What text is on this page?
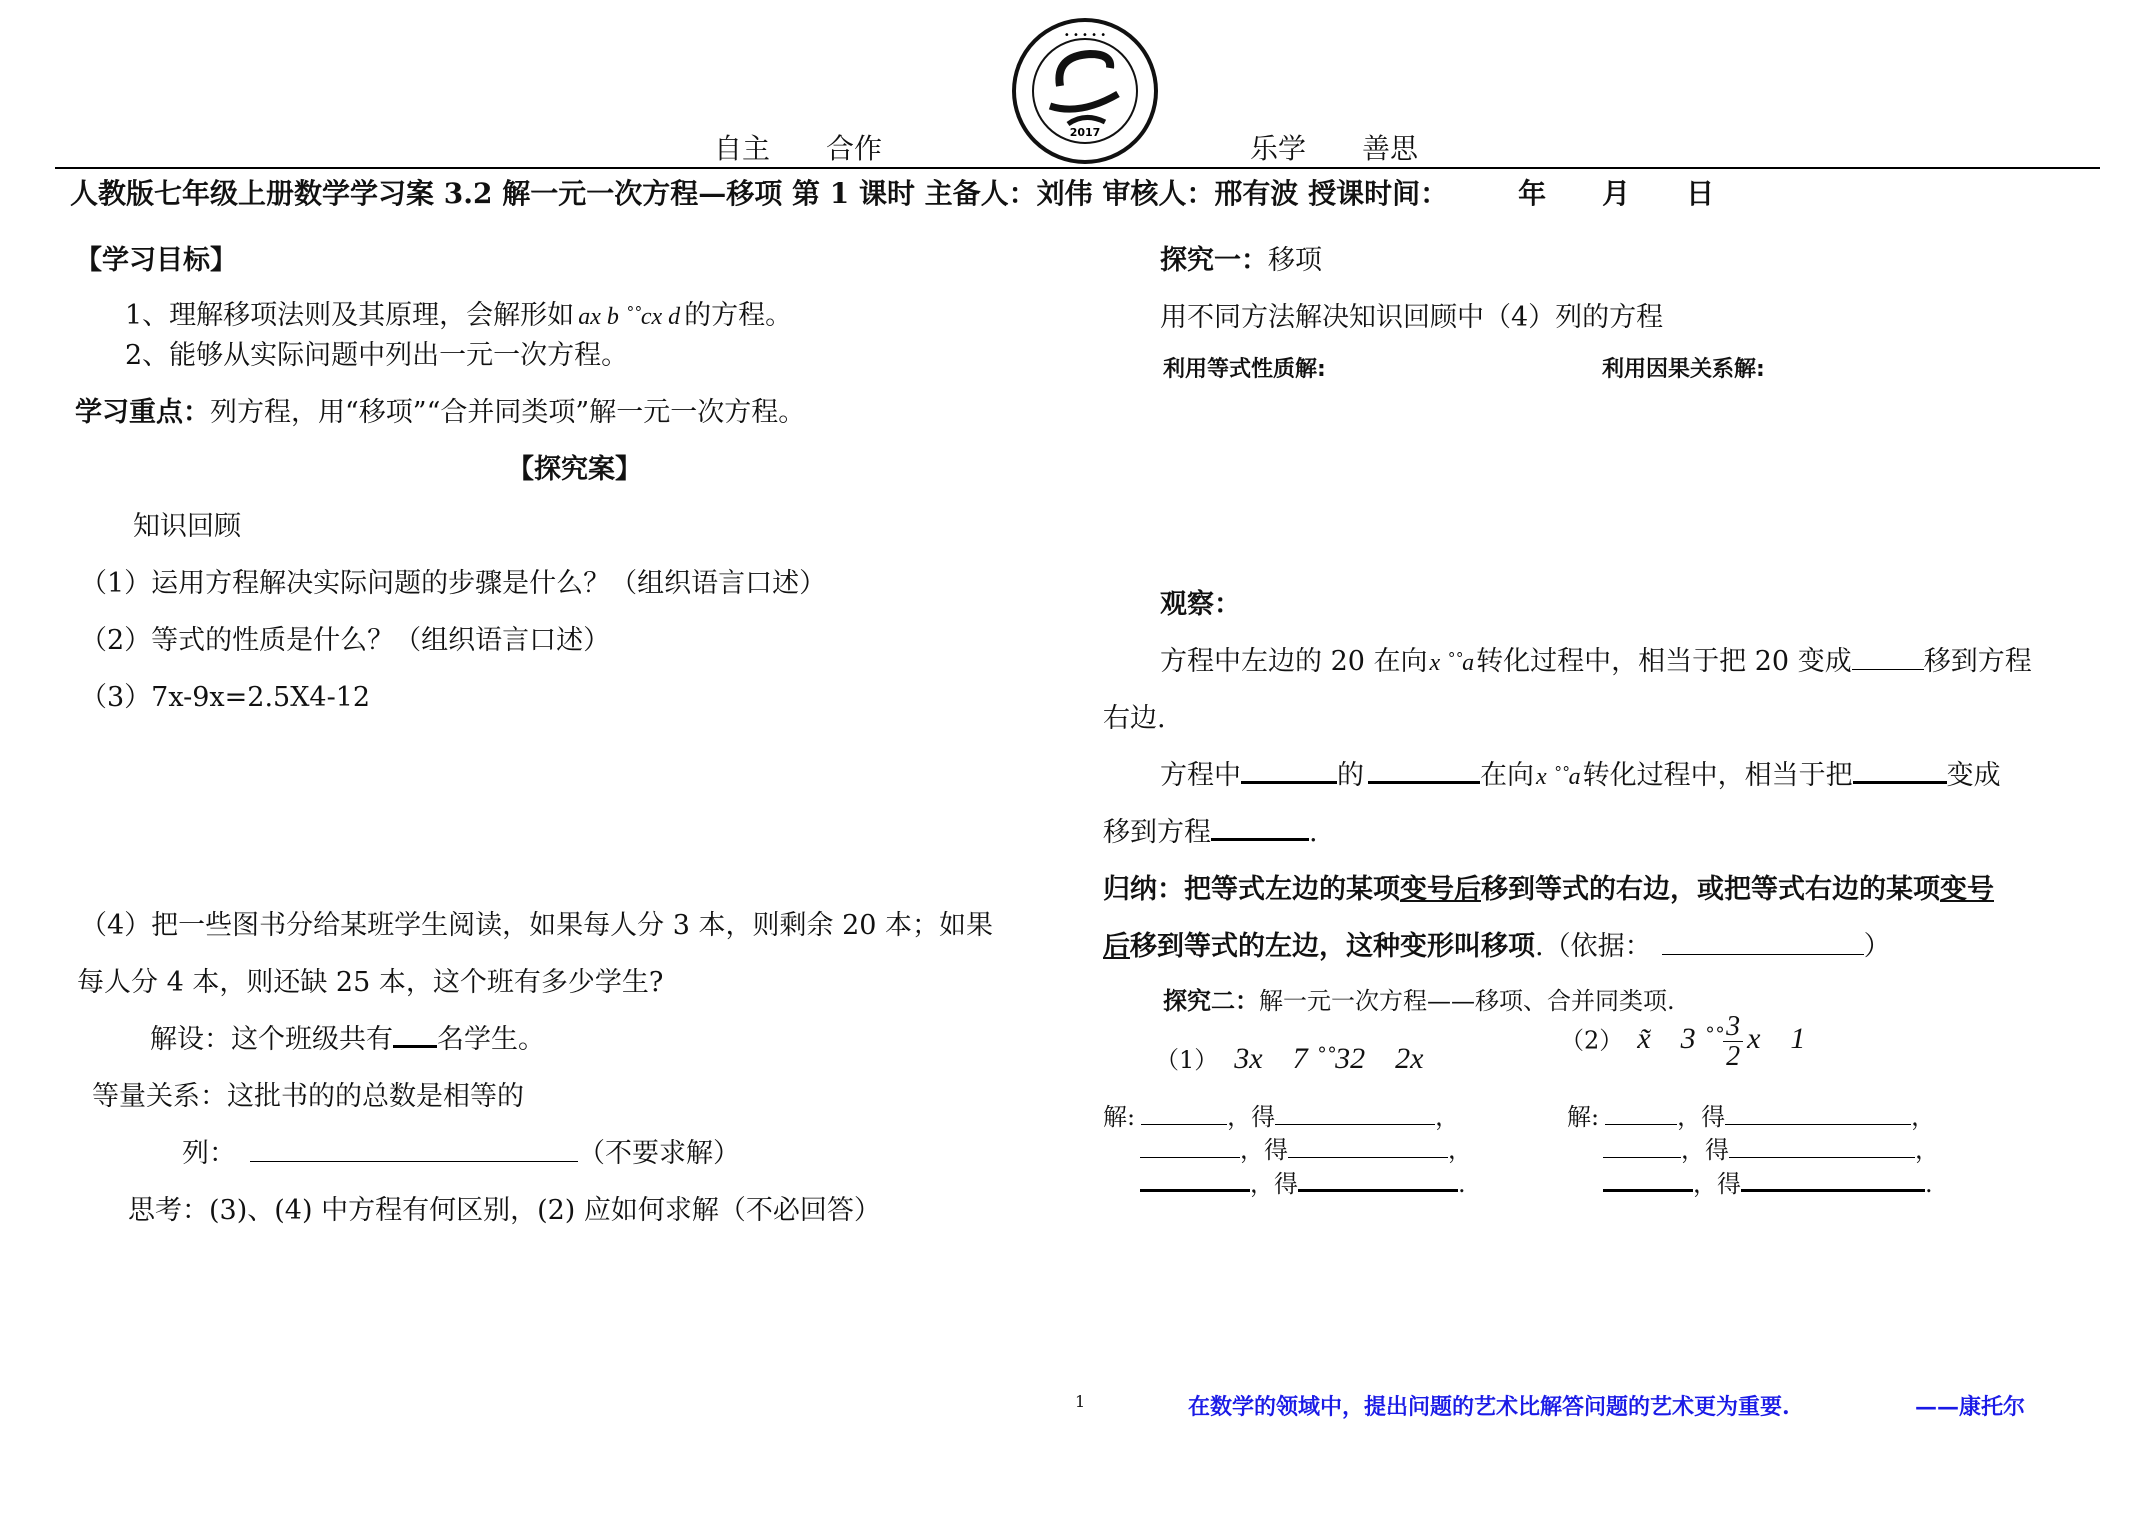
自主　　合作	2017
• • • • •
乐学　　善思
人教版七年级上册数学学习案 3.2 解一元一次方程—移项 第 1 课时 主备人：刘伟 审核人：邢有波 授课时间：　　　年　　月　　日
【学习目标】
1、理解移项法则及其原理，会解形如 ax b ˚˚cx d 的方程。
2、能够从实际问题中列出一元一次方程。
学习重点：列方程，用“移项”“合并同类项”解一元一次方程。
【探究案】
知识回顾
（1）运用方程解决实际问题的步骤是什么？（组织语言口述）
（2）等式的性质是什么？（组织语言口述）
（3）7x-9x=2.5X4-12
（4）把一些图书分给某班学生阅读，如果每人分 3 本，则剩余 20 本；如果
每人分 4 本，则还缺 25 本，这个班有多少学生?
解设：这个班级共有 名学生。
等量关系：这批书的的总数是相等的
列：	（不要求解）
思考：(3)、(4) 中方程有何区别，(2) 应如何求解（不必回答）
探究一：移项
用不同方法解决知识回顾中（4）列的方程
利用等式性质解:	利用因果关系解:
观察：
方程中左边的 20 在向x ˚˚a转化过程中，相当于把 20 变成	移到方程
右边.
方程中	的	在向x ˚˚a转化过程中，相当于把	变成
移到方程	.
归纳：把等式左边的某项变号后移到等式的右边，或把等式右边的某项变号
后移到等式的左边，这种变形叫移项.（依据：	）
探究二：解一元一次方程——移项、合并同类项.
（1） 3x    7 ˚˚32    2x
（2） x̃    3 ˚˚ $\frac{3}{2}$ x    1
解:	，得	，
，得	，
，得	.
解:	，得	，
，得	，
，得	.
1	在数学的领域中，提出问题的艺术比解答问题的艺术更为重要.	——康托尔
